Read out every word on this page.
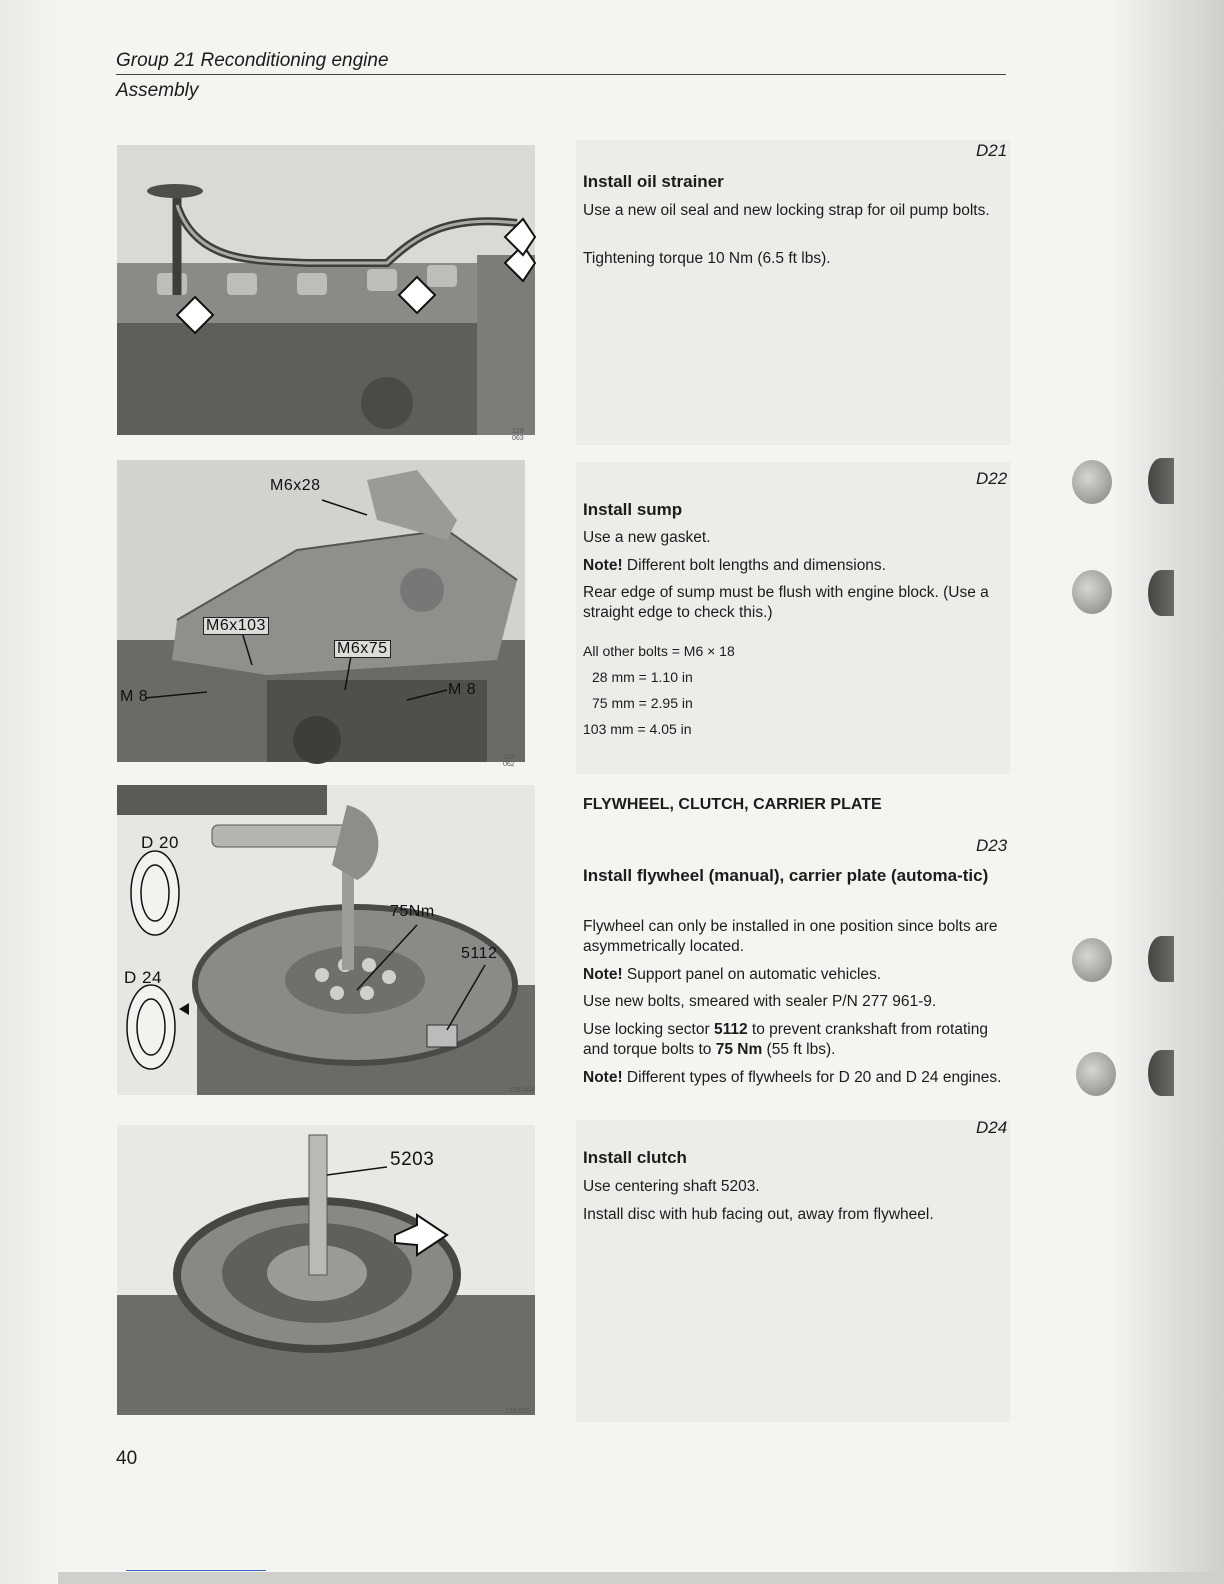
Group 21 Reconditioning engine
Assembly
129 063
129 062
M6x28
M6x103
M6x75
M 8	M 8
129 064
D 20
D 24
75Nm
5112
129 065
5203
D21
Install oil strainer
Use a new oil seal and new locking strap for oil pump bolts.
Tightening torque 10 Nm (6.5 ft lbs).
D22
Install sump
Use a new gasket.
Note! Different bolt lengths and dimensions.
Rear edge of sump must be flush with engine block. (Use a straight edge to check this.)
All other bolts = M6 × 18
28 mm = 1.10 in
75 mm = 2.95 in
103 mm = 4.05 in
FLYWHEEL, CLUTCH, CARRIER PLATE
D23
Install flywheel (manual), carrier plate (automa-tic)
Flywheel can only be installed in one position since bolts are asymmetrically located.
Note! Support panel on automatic vehicles.
Use new bolts, smeared with sealer P/N 277 961-9.
Use locking sector 5112 to prevent crankshaft from rotating and torque bolts to 75 Nm (55 ft lbs).
Note! Different types of flywheels for D 20 and D 24 engines.
D24
Install clutch
Use centering shaft 5203.
Install disc with hub facing out, away from flywheel.
40
